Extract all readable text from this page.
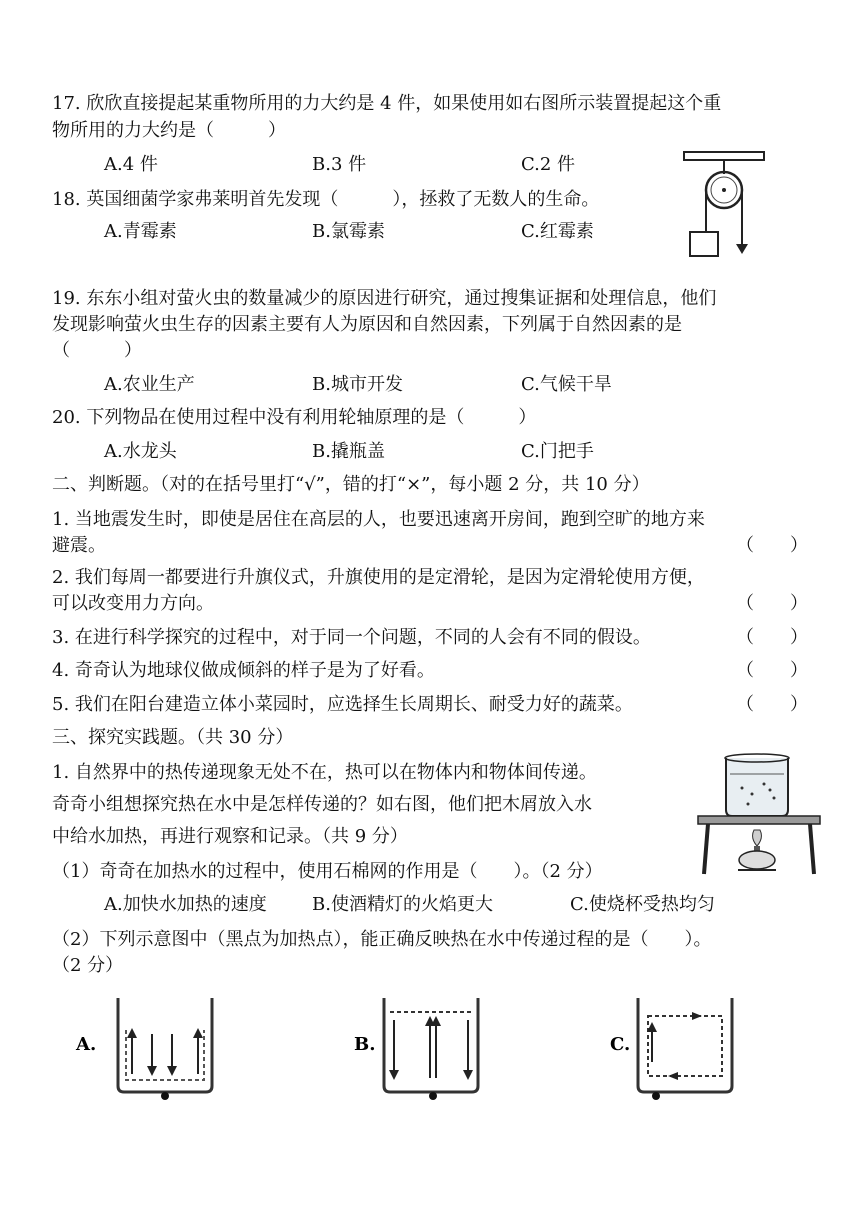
17. 欣欣直接提起某重物所用的力大约是 4 件，如果使用如右图所示装置提起这个重
物所用的力大约是（　　　）
A.4 件	B.3 件	C.2 件
18. 英国细菌学家弗莱明首先发现（　　　），拯救了无数人的生命。
A.青霉素	B.氯霉素	C.红霉素
19. 东东小组对萤火虫的数量减少的原因进行研究，通过搜集证据和处理信息，他们
发现影响萤火虫生存的因素主要有人为原因和自然因素，下列属于自然因素的是
（　　　）
A.农业生产	B.城市开发	C.气候干旱
20. 下列物品在使用过程中没有利用轮轴原理的是（　　　）
A.水龙头	B.撬瓶盖	C.门把手
二、判断题。（对的在括号里打“√”，错的打“×”，每小题 2 分，共 10 分）
1. 当地震发生时，即使是居住在高层的人，也要迅速离开房间，跑到空旷的地方来
避震。	（　　）
2. 我们每周一都要进行升旗仪式，升旗使用的是定滑轮，是因为定滑轮使用方便，
可以改变用力方向。	（　　）
3. 在进行科学探究的过程中，对于同一个问题，不同的人会有不同的假设。	（　　）
4. 奇奇认为地球仪做成倾斜的样子是为了好看。	（　　）
5. 我们在阳台建造立体小菜园时，应选择生长周期长、耐受力好的蔬菜。	（　　）
三、探究实践题。（共 30 分）
1. 自然界中的热传递现象无处不在，热可以在物体内和物体间传递。
奇奇小组想探究热在水中是怎样传递的？如右图，他们把木屑放入水
中给水加热，再进行观察和记录。（共 9 分）
（1）奇奇在加热水的过程中，使用石棉网的作用是（　　）。（2 分）
A.加快水加热的速度	B.使酒精灯的火焰更大	C.使烧杯受热均匀
（2）下列示意图中（黑点为加热点），能正确反映热在水中传递过程的是（　　）。
（2 分）
A.	B.	C.
